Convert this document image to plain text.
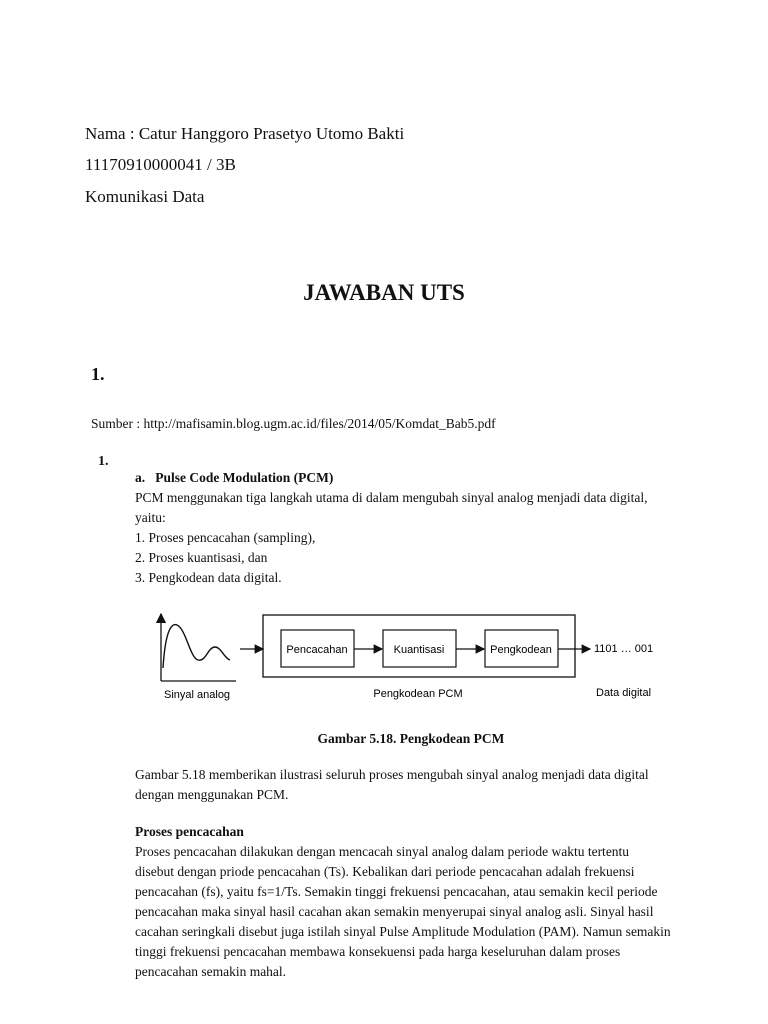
Nama : Catur Hanggoro Prasetyo Utomo Bakti
11170910000041 / 3B
Komunikasi Data
JAWABAN UTS
1.
Sumber : http://mafisamin.blog.ugm.ac.id/files/2014/05/Komdat_Bab5.pdf
1.
a.   Pulse Code Modulation (PCM)
PCM menggunakan tiga langkah utama di dalam mengubah sinyal analog menjadi data digital,
yaitu:
1. Proses pencacahan (sampling),
2. Proses kuantisasi, dan
3. Pengkodean data digital.
Pencacahan	Kuantisasi	Pengkodean	1101 … 001
Sinyal analog	Pengkodean PCM	Data digital
Gambar 5.18. Pengkodean PCM
Gambar 5.18 memberikan ilustrasi seluruh proses mengubah sinyal analog menjadi data digital
dengan menggunakan PCM.
Proses pencacahan
Proses pencacahan dilakukan dengan mencacah sinyal analog dalam periode waktu tertentu
disebut dengan priode pencacahan (Ts). Kebalikan dari periode pencacahan adalah frekuensi
pencacahan (fs), yaitu fs=1/Ts. Semakin tinggi frekuensi pencacahan, atau semakin kecil periode
pencacahan maka sinyal hasil cacahan akan semakin menyerupai sinyal analog asli. Sinyal hasil
cacahan seringkali disebut juga istilah sinyal Pulse Amplitude Modulation (PAM). Namun semakin
tinggi frekuensi pencacahan membawa konsekuensi pada harga keseluruhan dalam proses
pencacahan semakin mahal.
